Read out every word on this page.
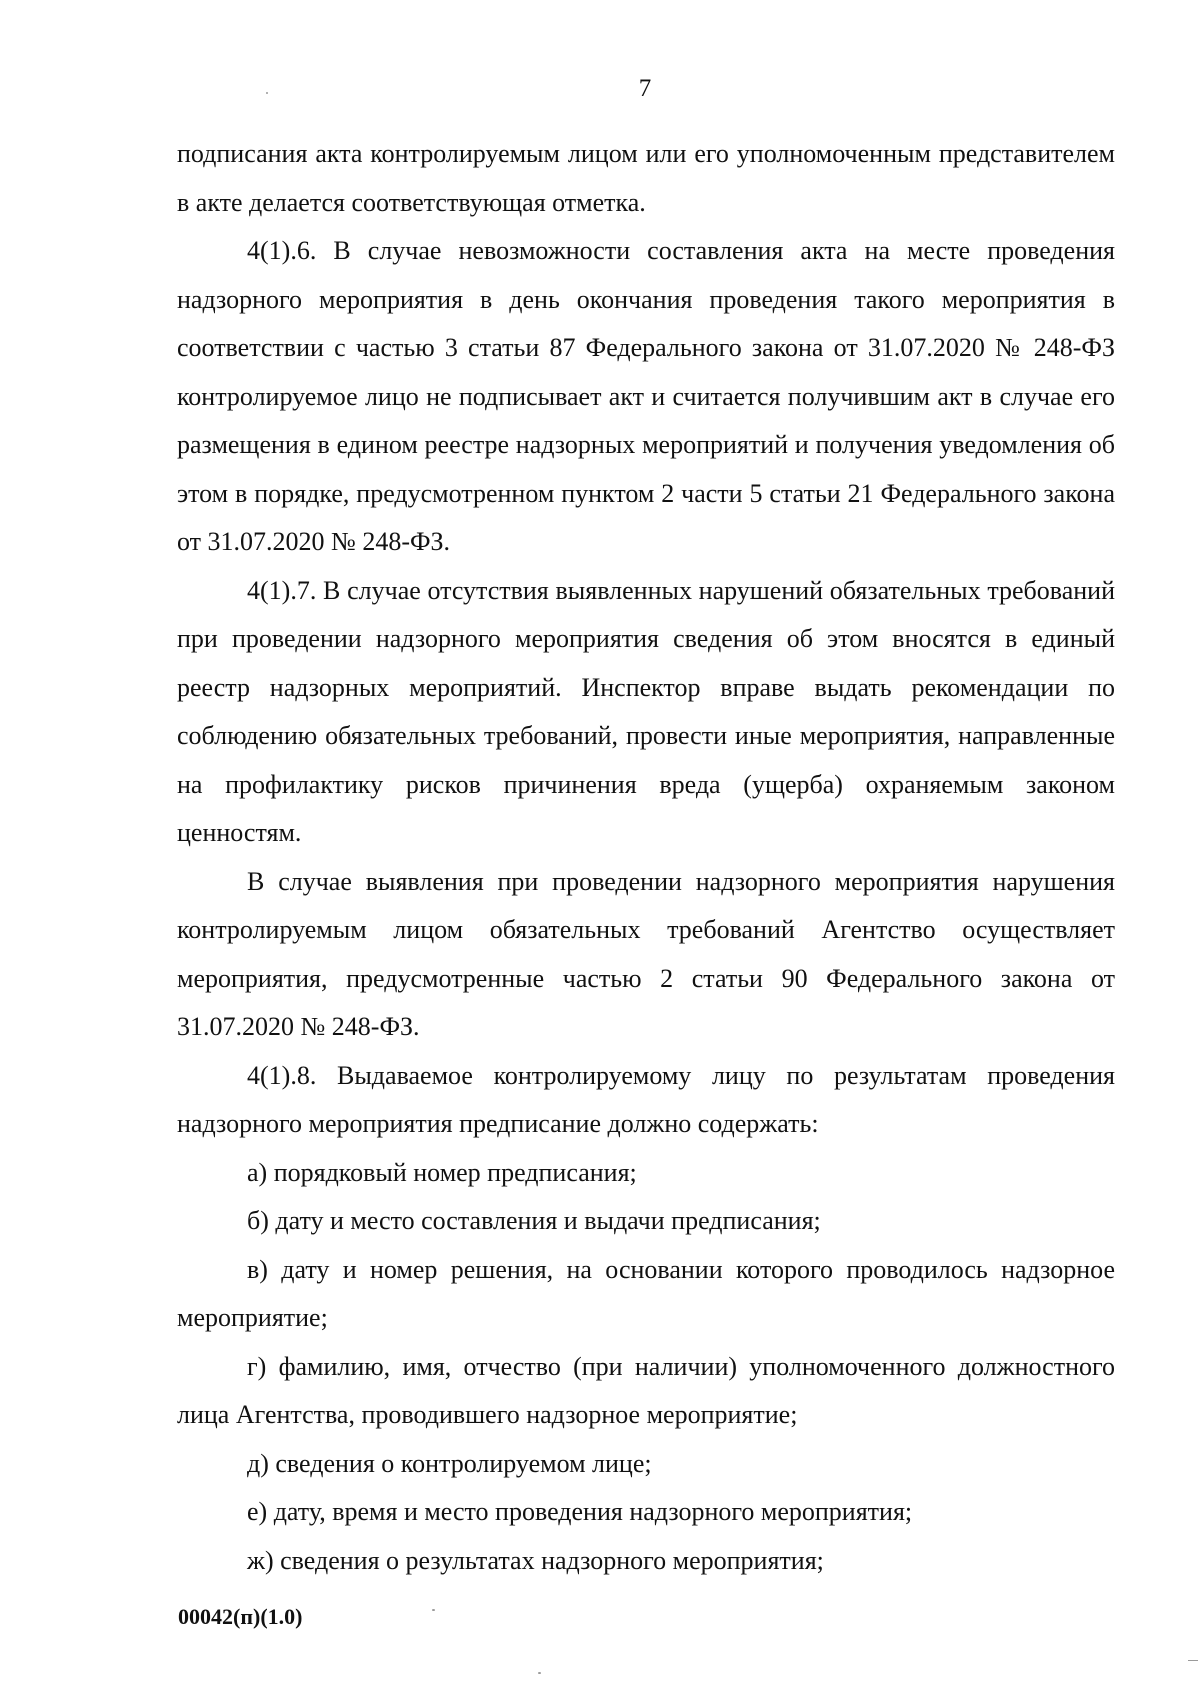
7

подписания акта контролируемым лицом или его уполномоченным представителем в акте делается соответствующая отметка.

4(1).6. В случае невозможности составления акта на месте проведения надзорного мероприятия в день окончания проведения такого мероприятия в соответствии с частью 3 статьи 87 Федерального закона от 31.07.2020 № 248-ФЗ контролируемое лицо не подписывает акт и считается получившим акт в случае его размещения в едином реестре надзорных мероприятий и получения уведомления об этом в порядке, предусмотренном пунктом 2 части 5 статьи 21 Федерального закона от 31.07.2020 № 248-ФЗ.

4(1).7. В случае отсутствия выявленных нарушений обязательных требований при проведении надзорного мероприятия сведения об этом вносятся в единый реестр надзорных мероприятий. Инспектор вправе выдать рекомендации по соблюдению обязательных требований, провести иные мероприятия, направленные на профилактику рисков причинения вреда (ущерба) охраняемым законом ценностям.

В случае выявления при проведении надзорного мероприятия нарушения контролируемым лицом обязательных требований Агентство осуществляет мероприятия, предусмотренные частью 2 статьи 90 Федерального закона от 31.07.2020 № 248-ФЗ.

4(1).8. Выдаваемое контролируемому лицу по результатам проведения надзорного мероприятия предписание должно содержать:

а) порядковый номер предписания;

б) дату и место составления и выдачи предписания;

в) дату и номер решения, на основании которого проводилось надзорное мероприятие;

г) фамилию, имя, отчество (при наличии) уполномоченного должностного лица Агентства, проводившего надзорное мероприятие;

д) сведения о контролируемом лице;

е) дату, время и место проведения надзорного мероприятия;

ж) сведения о результатах надзорного мероприятия;

00042(п)(1.0)
